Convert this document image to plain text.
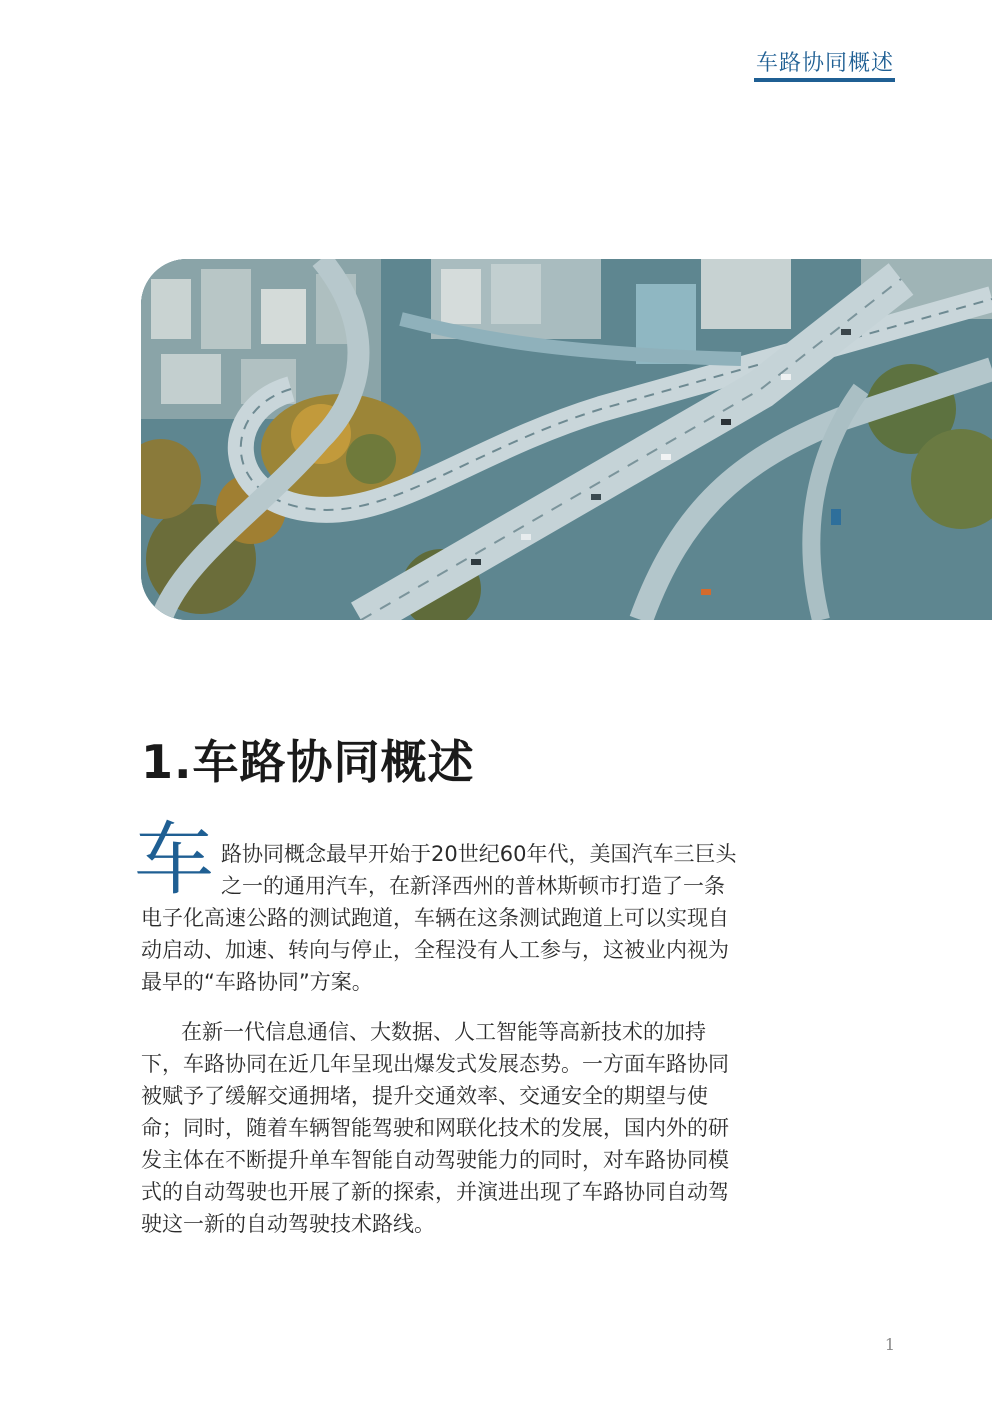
车路协同概述
1.车路协同概述
车 路协同概念最早开始于20世纪60年代，美国汽车三巨头
之一的通用汽车，在新泽西州的普林斯顿市打造了一条
电子化高速公路的测试跑道，车辆在这条测试跑道上可以实现自
动启动、加速、转向与停止，全程没有人工参与，这被业内视为
最早的“车路协同”方案。
在新一代信息通信、大数据、人工智能等高新技术的加持
下，车路协同在近几年呈现出爆发式发展态势。一方面车路协同
被赋予了缓解交通拥堵，提升交通效率、交通安全的期望与使
命；同时，随着车辆智能驾驶和网联化技术的发展，国内外的研
发主体在不断提升单车智能自动驾驶能力的同时，对车路协同模
式的自动驾驶也开展了新的探索，并演进出现了车路协同自动驾
驶这一新的自动驾驶技术路线。
1
